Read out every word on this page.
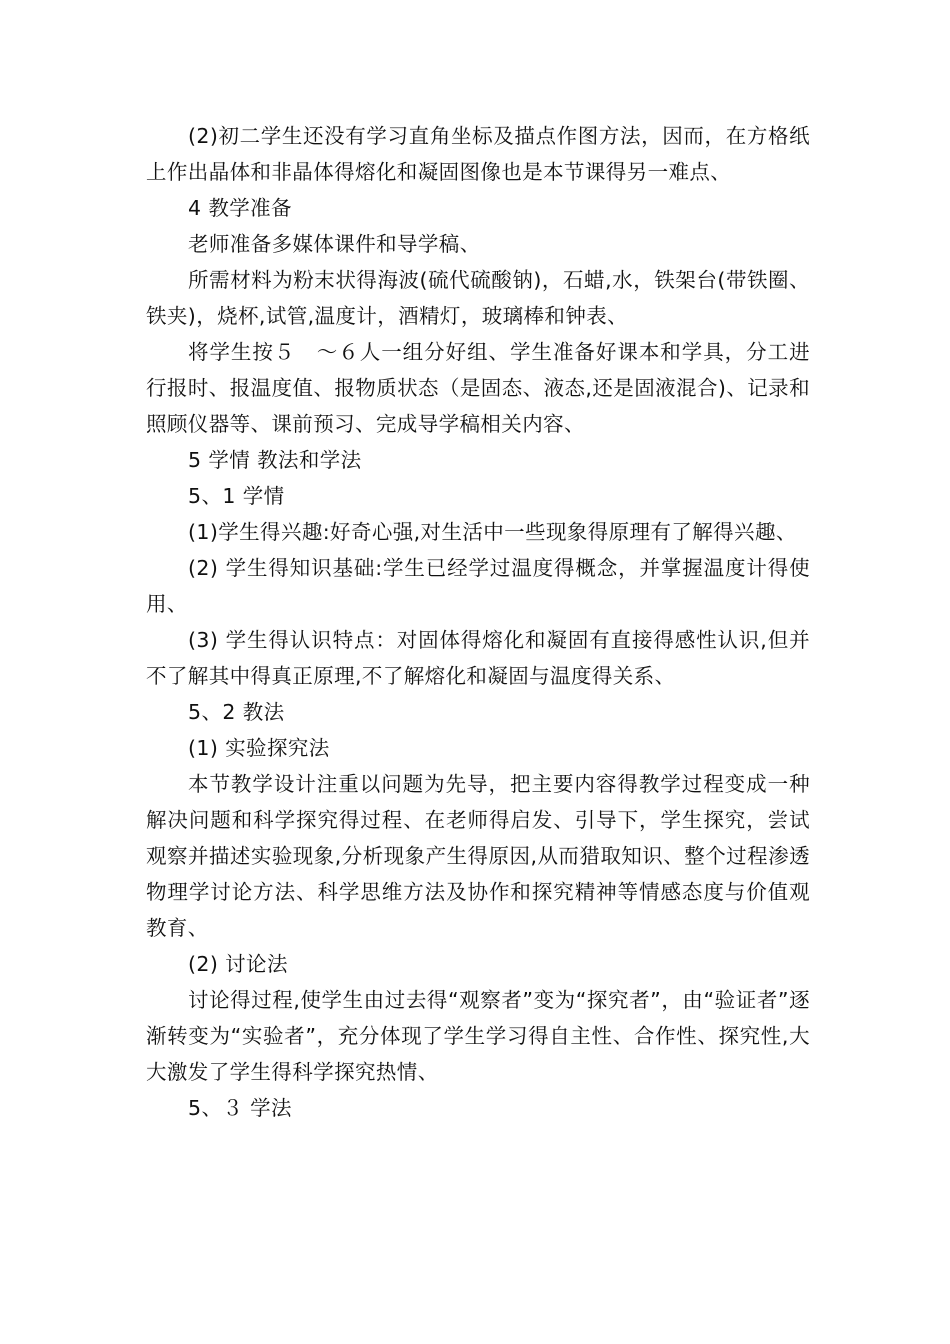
(2)初二学生还没有学习直角坐标及描点作图方法，因而，在方格纸上作出晶体和非晶体得熔化和凝固图像也是本节课得另一难点、

4 教学准备

老师准备多媒体课件和导学稿、

所需材料为粉末状得海波(硫代硫酸钠)，石蜡,水，铁架台(带铁圈、铁夹)，烧杯,试管,温度计，酒精灯，玻璃棒和钟表、

将学生按５　～６人一组分好组、学生准备好课本和学具，分工进行报时、报温度值、报物质状态（是固态、液态,还是固液混合)、记录和照顾仪器等、课前预习、完成导学稿相关内容、

5 学情 教法和学法

5、1 学情

(1)学生得兴趣:好奇心强,对生活中一些现象得原理有了解得兴趣、

(2) 学生得知识基础:学生已经学过温度得概念，并掌握温度计得使用、

(3) 学生得认识特点：对固体得熔化和凝固有直接得感性认识,但并不了解其中得真正原理,不了解熔化和凝固与温度得关系、

5、2 教法

(1) 实验探究法

本节教学设计注重以问题为先导，把主要内容得教学过程变成一种解决问题和科学探究得过程、在老师得启发、引导下，学生探究，尝试观察并描述实验现象,分析现象产生得原因,从而猎取知识、整个过程渗透物理学讨论方法、科学思维方法及协作和探究精神等情感态度与价值观教育、

(2) 讨论法

讨论得过程,使学生由过去得“观察者”变为“探究者”，由“验证者”逐渐转变为“实验者”，充分体现了学生学习得自主性、合作性、探究性,大大激发了学生得科学探究热情、

5、３ 学法
